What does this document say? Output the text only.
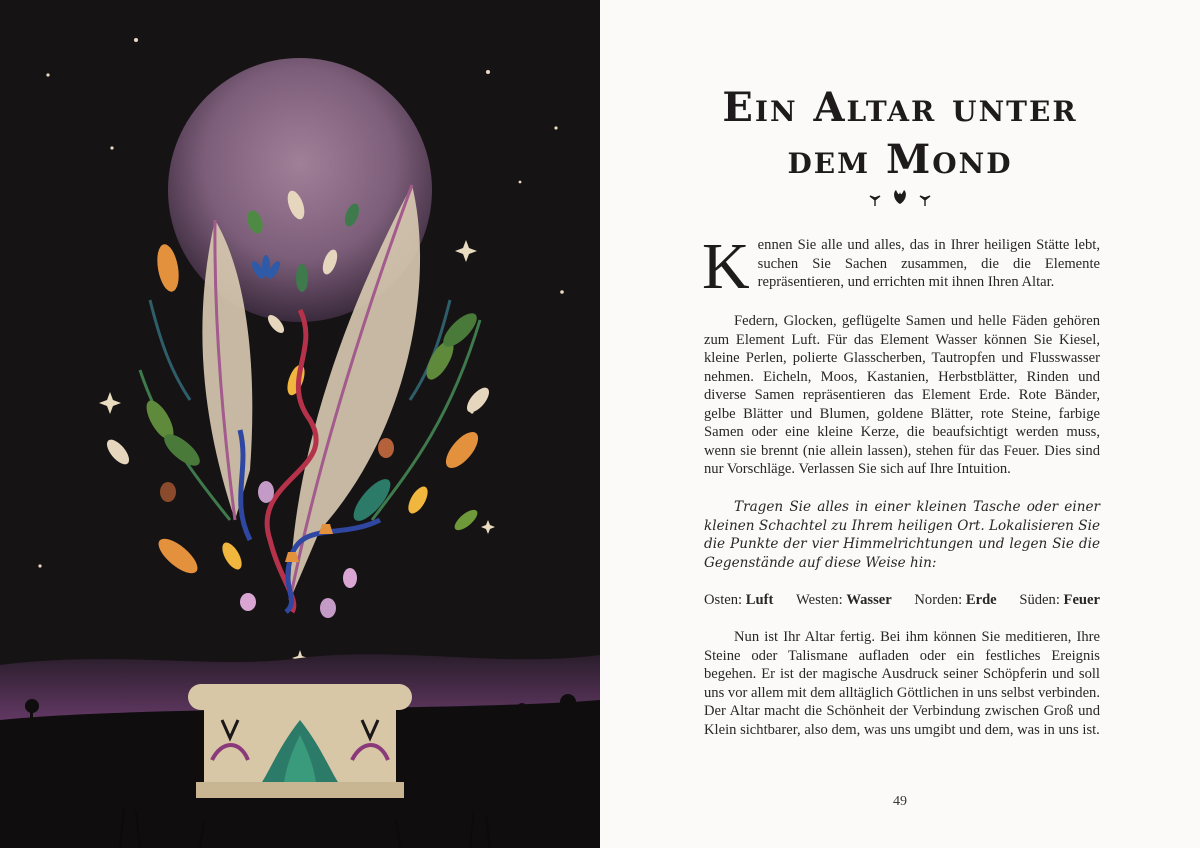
Ein Altar unter
dem Mond

Kennen Sie alle und alles, das in Ihrer heiligen Stätte lebt, suchen Sie Sachen zusammen, die die Elemente repräsentieren, und errichten mit ihnen Ihren Altar.

Federn, Glocken, geflügelte Samen und helle Fäden gehören zum Element Luft. Für das Element Wasser können Sie Kiesel, kleine Perlen, polierte Glasscherben, Tautropfen und Flusswasser nehmen. Eicheln, Moos, Kastanien, Herbstblätter, Rinden und diverse Samen repräsentieren das Element Erde. Rote Bänder, gelbe Blätter und Blumen, goldene Blätter, rote Steine, farbige Samen oder eine kleine Kerze, die beaufsichtigt werden muss, wenn sie brennt (nie allein lassen), stehen für das Feuer. Dies sind nur Vorschläge. Verlassen Sie sich auf Ihre Intuition.

Tragen Sie alles in einer kleinen Tasche oder einer kleinen Schachtel zu Ihrem heiligen Ort. Lokalisieren Sie die Punkte der vier Himmelrichtungen und legen Sie die Gegenstände auf diese Weise hin:

Osten: Luft Westen: Wasser Norden: Erde Süden: Feuer

Nun ist Ihr Altar fertig. Bei ihm können Sie meditieren, Ihre Steine oder Talismane aufladen oder ein festliches Ereignis begehen. Er ist der magische Ausdruck seiner Schöpferin und soll uns vor allem mit dem alltäglich Göttlichen in uns selbst verbinden. Der Altar macht die Schönheit der Verbindung zwischen Groß und Klein sichtbarer, also dem, was uns umgibt und dem, was in uns ist.

49
